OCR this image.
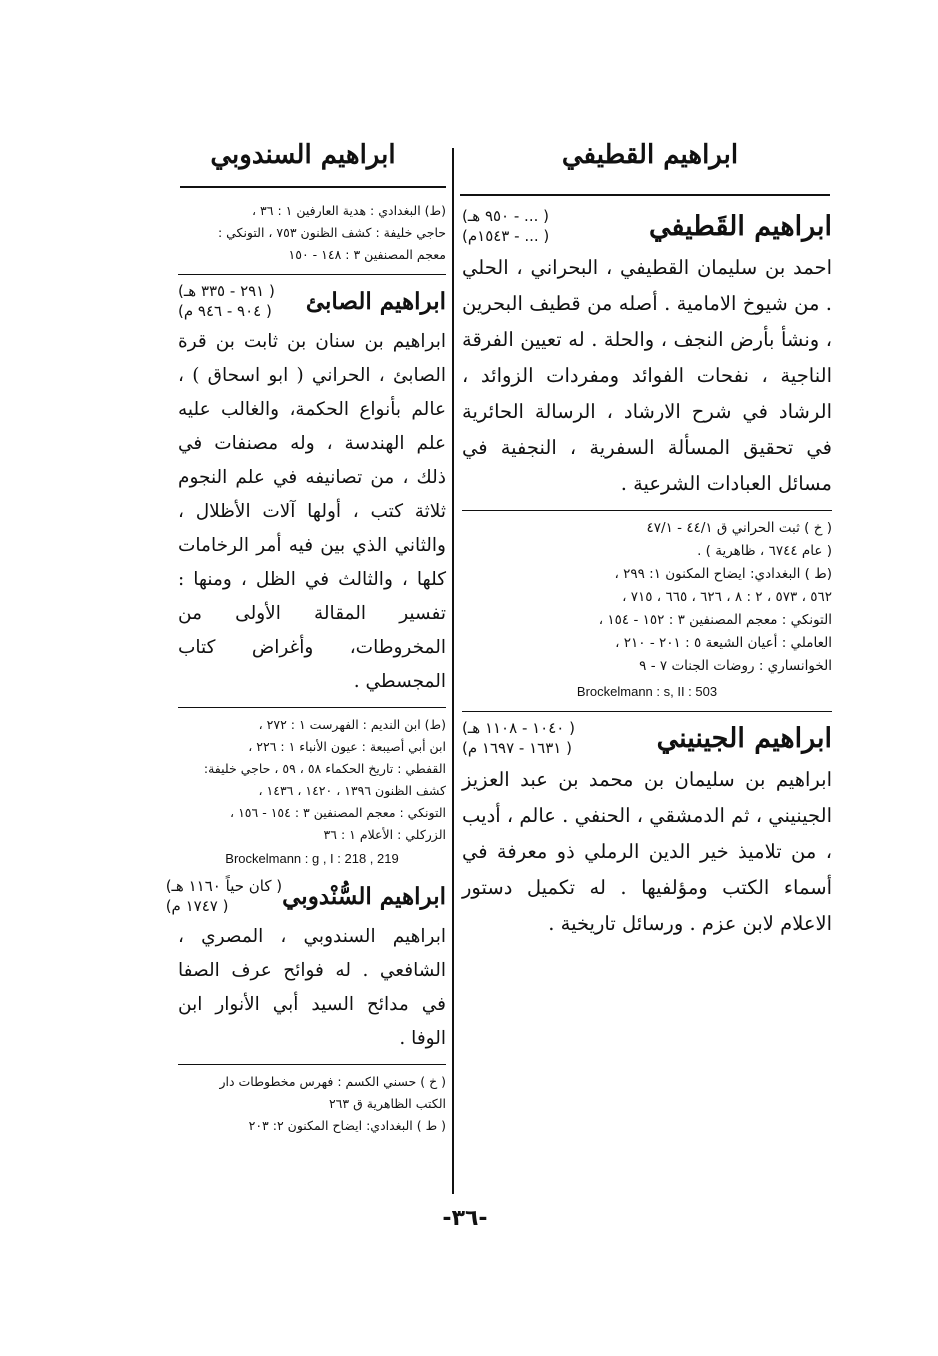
ابراهيم القطيفي
ابراهيم السندوبي
ابراهيم القَطيفي
( ... - ٩٥٠ هـ)
( ... - ١٥٤٣م)

احمد بن سليمان القطيفي ، البحراني ، الحلي . من شيوخ الامامية . أصله من قطيف البحرين ، ونشأ بأرض النجف ، والحلة . له تعيين الفرقة الناجية ، نفحات الفوائد ومفردات الزوائد ، الرشاد في شرح الارشاد ، الرسالة الحائرية في تحقيق المسألة السفرية ، النجفية في مسائل العبادات الشرعية .

( خ ) ثبت الحراني ق ٤٤/١ - ٤٧/١
( عام ٦٧٤٤ ، ظاهرية ) .
(ط ) البغدادي: ايضاح المكنون ١: ٢٩٩ ،
٥٦٢ ، ٥٧٣ ، ٢ : ٨ ، ٦٢٦ ، ٦٦٥ ، ٧١٥ ،
التونكي : معجم المصنفين ٣ : ١٥٢ - ١٥٤ ،
العاملي : أعيان الشيعة ٥ : ٢٠١ - ٢١٠ ،
الخوانساري : روضات الجنات ٧ - ٩
Brockelmann : s, II : 503
ابراهيم الجينيني
( ١٠٤٠ - ١١٠٨ هـ)
( ١٦٣١ - ١٦٩٧ م)

ابراهيم بن سليمان بن محمد بن عبد العزيز الجينيني ، ثم الدمشقي ، الحنفي . عالم ، أديب ، من تلاميذ خير الدين الرملي ذو معرفة في أسماء الكتب ومؤلفيها . له تكميل دستور الاعلام لابن عزم . ورسائل تاريخية .

(ط) البغدادي : هدية العارفين ١ : ٣٦ ،
حاجي خليفة : كشف الظنون ٧٥٣ ، التونكي :
معجم المصنفين ٣ : ١٤٨ - ١٥٠
ابراهيم الصابئ
( ٢٩١ - ٣٣٥ هـ)
( ٩٠٤ - ٩٤٦ م)

ابراهيم بن سنان بن ثابت بن قرة الصابئ ، الحراني ( ابو اسحاق ) ، عالم بأنواع الحكمة، والغالب عليه علم الهندسة ، وله مصنفات في ذلك ، من تصانيفه في علم النجوم ثلاثة كتب ، أولها آلات الأظلال ، والثاني الذي بين فيه أمر الرخامات كلها ، والثالث في الظل ، ومنها : تفسير المقالة الأولى من المخروطات، وأغراض كتاب المجسطي .

(ط) ابن النديم : الفهرست ١ : ٢٧٢ ،
ابن أبي أصيبعة : عيون الأنباء ١ : ٢٢٦ ،
القفطي : تاريخ الحكماء ٥٨ ، ٥٩ ، حاجي خليفة:
كشف الظنون ١٣٩٦ ، ١٤٢٠ ، ١٤٣٦ ،
التونكي : معجم المصنفين ٣ : ١٥٤ - ١٥٦ ،
الزركلي : الأعلام ١ : ٣٦
Brockelmann : g , I : 218 , 219
ابراهيم السُّنْدوبي
( كان حياً ١١٦٠ هـ)
( ١٧٤٧ م)

ابراهيم السندوبي ، المصري ، الشافعي . له فوائح عرف الصفا في مدائح السيد أبي الأنوار ابن الوفا .

( خ ) حسني الكسم : فهرس مخطوطات دار
الكتب الظاهرية ق ٢٦٣
( ط ) البغدادي: ايضاح المكنون ٢: ٢٠٣
-٣٦-
